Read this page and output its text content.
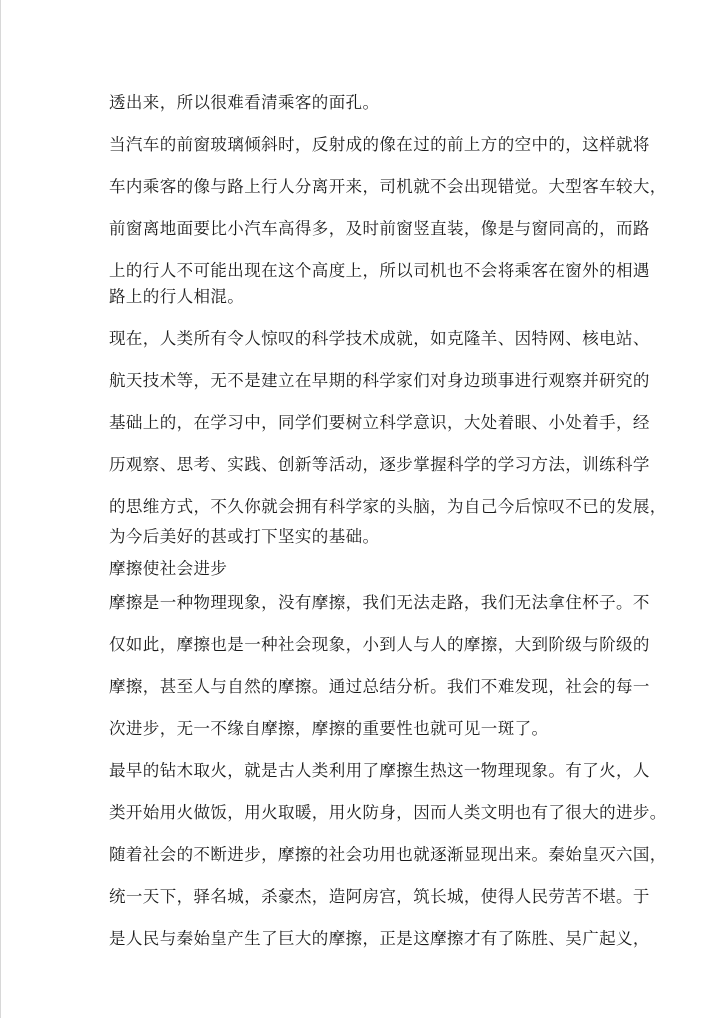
透出来，所以很难看清乘客的面孔。

当汽车的前窗玻璃倾斜时，反射成的像在过的前上方的空中的，这样就将

车内乘客的像与路上行人分离开来，司机就不会出现错觉。大型客车较大，

前窗离地面要比小汽车高得多，及时前窗竖直装，像是与窗同高的，而路

上的行人不可能出现在这个高度上，所以司机也不会将乘客在窗外的相遇

路上的行人相混。

现在，人类所有令人惊叹的科学技术成就，如克隆羊、因特网、核电站、

航天技术等，无不是建立在早期的科学家们对身边琐事进行观察并研究的

基础上的，在学习中，同学们要树立科学意识，大处着眼、小处着手，经

历观察、思考、实践、创新等活动，逐步掌握科学的学习方法，训练科学

的思维方式，不久你就会拥有科学家的头脑，为自己今后惊叹不已的发展，

为今后美好的甚或打下坚实的基础。

摩擦使社会进步

摩擦是一种物理现象，没有摩擦，我们无法走路，我们无法拿住杯子。不

仅如此，摩擦也是一种社会现象，小到人与人的摩擦，大到阶级与阶级的

摩擦，甚至人与自然的摩擦。通过总结分析。我们不难发现，社会的每一

次进步，无一不缘自摩擦，摩擦的重要性也就可见一斑了。

最早的钻木取火，就是古人类利用了摩擦生热这一物理现象。有了火，人

类开始用火做饭，用火取暖，用火防身，因而人类文明也有了很大的进步。

随着社会的不断进步，摩擦的社会功用也就逐渐显现出来。秦始皇灭六国，

统一天下，驿名城，杀豪杰，造阿房宫，筑长城，使得人民劳苦不堪。于

是人民与秦始皇产生了巨大的摩擦，正是这摩擦才有了陈胜、吴广起义，
